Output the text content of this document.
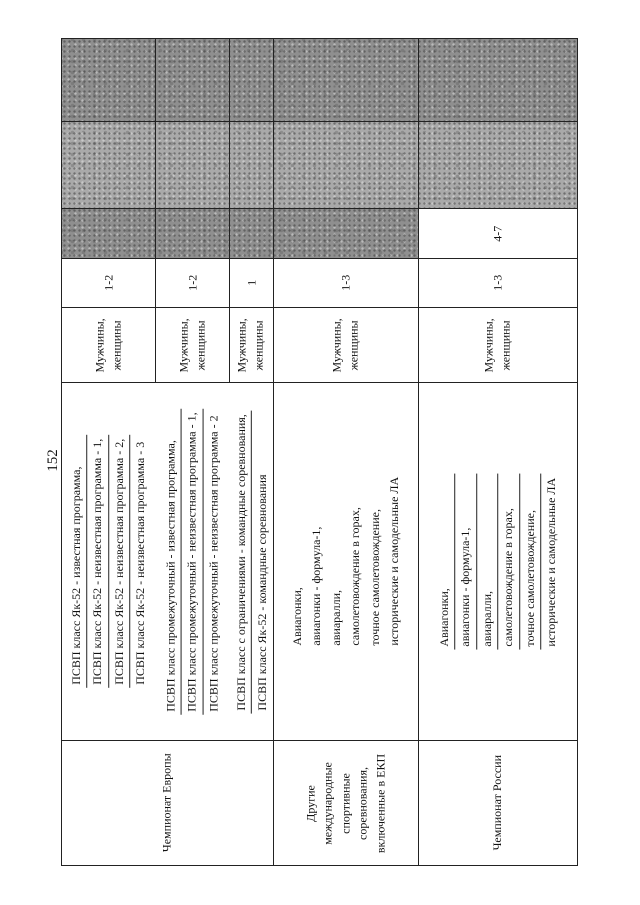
152
Чемпионат Европы
ПСВП класс Як-52 - известная программа, ПСВП класс Як-52 - неизвестная программа - 1, ПСВП класс Як-52 - неизвестная программа - 2, ПСВП класс Як-52 - неизвестная программа - 3
Мужчины, женщины
1-2
ПСВП класс промежуточный - известная программа, ПСВП класс промежуточный - неизвестная программа - 1, ПСВП класс промежуточный - неизвестная программа - 2
Мужчины, женщины
1-2
ПСВП класс с ограничениями - командные соревнования, ПСВП класс Як-52 - командные соревнования
Мужчины, женщины
1
Другие международные спортивные соревнования, включенные в ЕКП
Авиагонки, авиагонки - формула-1, авиаралли, самолетовождение в горах, точное самолетовождение, исторические и самодельные ЛА
Мужчины, женщины
1-3
Чемпионат России
Авиагонки, авиагонки - формула-1, авиаралли, самолетовождение в горах, точное самолетовождение, исторические и самодельные ЛА
Мужчины, женщины
1-3
4-7
